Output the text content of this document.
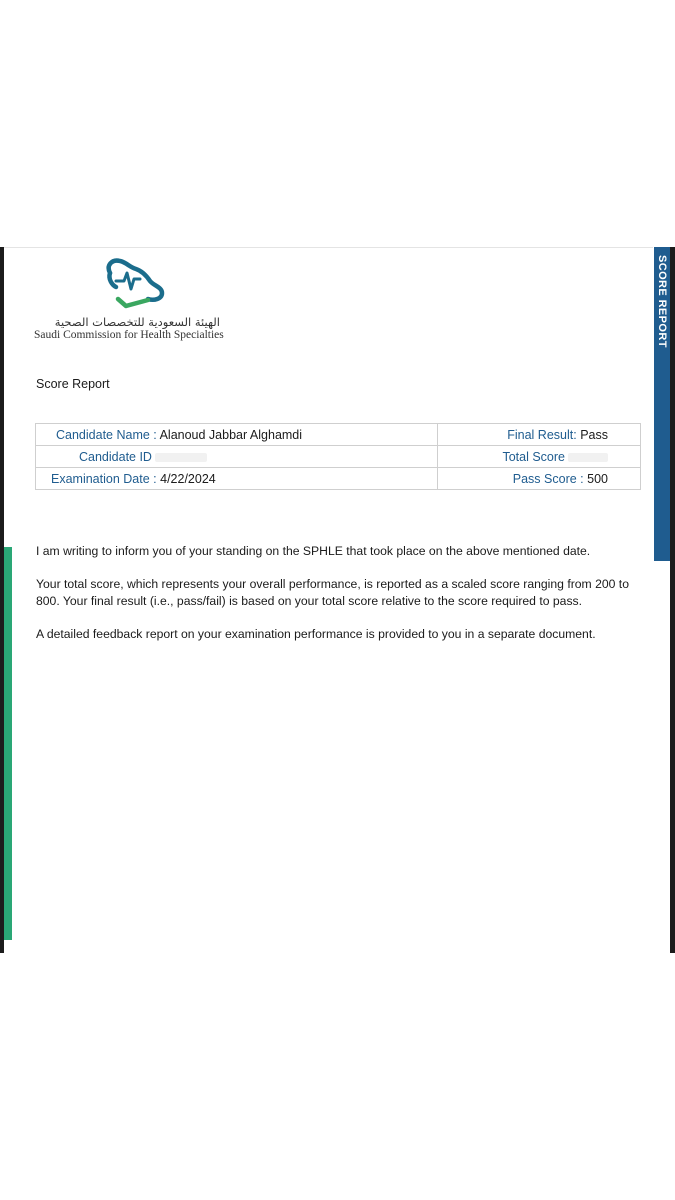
SCORE REPORT
الهيئة السعودية للتخصصات الصحية
Saudi Commission for Health Specialties
Score Report
Candidate Name : Alanoud Jabbar Alghamdi	Final Result: Pass
Candidate ID	Total Score
Examination Date : 4/22/2024	Pass Score : 500

I am writing to inform you of your standing on the SPHLE that took place on the above mentioned date.

Your total score, which represents your overall performance, is reported as a scaled score ranging from 200 to 800. Your final result (i.e., pass/fail) is based on your total score relative to the score required to pass.

A detailed feedback report on your examination performance is provided to you in a separate document.
